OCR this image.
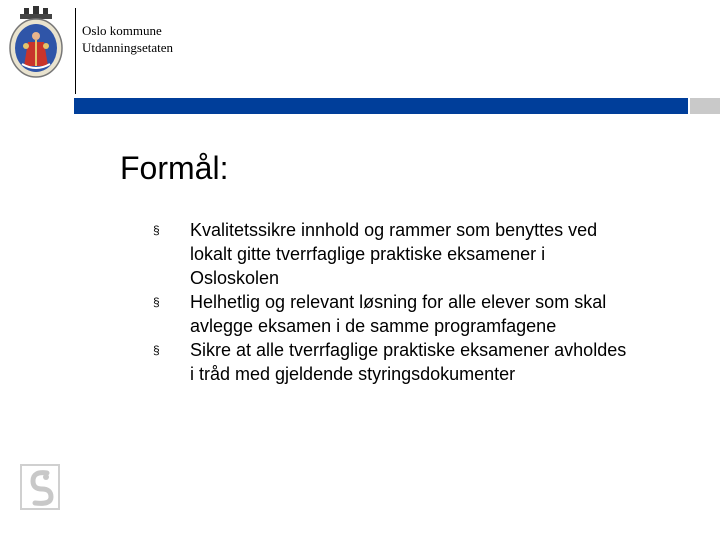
Oslo kommune
Utdanningsetaten
Formål:
§ Kvalitetssikre innhold og rammer som benyttes ved lokalt gitte tverrfaglige praktiske eksamener i Osloskolen
§ Helhetlig og relevant løsning for alle elever som skal avlegge eksamen i de samme programfagene
§ Sikre at alle tverrfaglige praktiske eksamener avholdes i tråd med gjeldende styringsdokumenter
